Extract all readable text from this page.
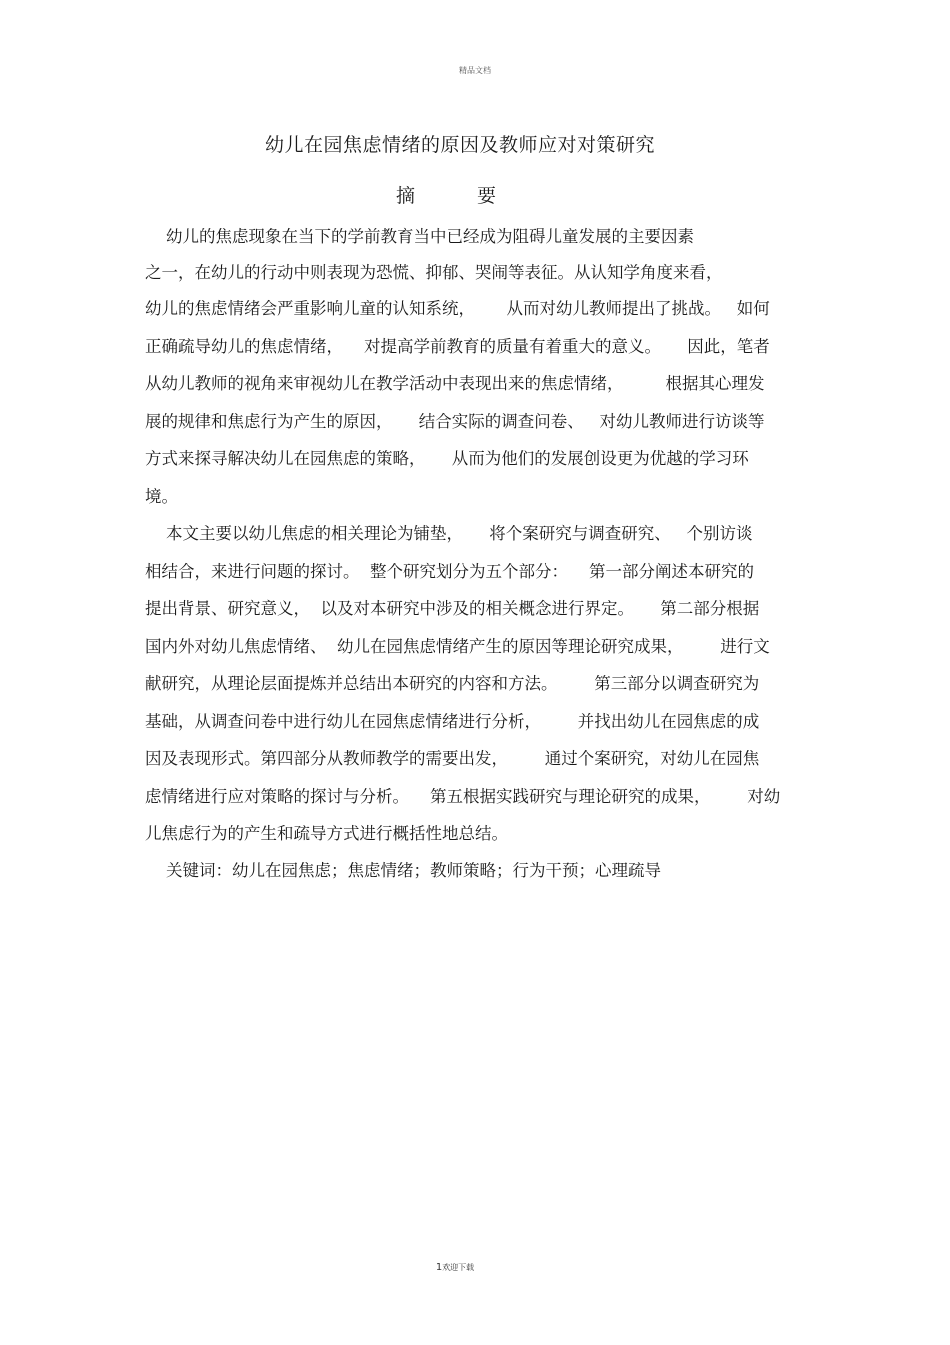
精品文档
幼儿在园焦虑情绪的原因及教师应对对策研究
摘 要
幼儿的焦虑现象在当下的学前教育当中已经成为阻碍儿童发展的主要因素
之一，在幼儿的行动中则表现为恐慌、抑郁、哭闹等表征。从认知学角度来看，
幼儿的焦虑情绪会严重影响儿童的认知系统，      从而对幼儿教师提出了挑战。   如何
正确疏导幼儿的焦虑情绪，    对提高学前教育的质量有着重大的意义。     因此，笔者
从幼儿教师的视角来审视幼儿在教学活动中表现出来的焦虑情绪，        根据其心理发
展的规律和焦虑行为产生的原因，     结合实际的调查问卷、   对幼儿教师进行访谈等
方式来探寻解决幼儿在园焦虑的策略，     从而为他们的发展创设更为优越的学习环
境。
本文主要以幼儿焦虑的相关理论为铺垫，     将个案研究与调查研究、   个别访谈
相结合，来进行问题的探讨。  整个研究划分为五个部分：    第一部分阐述本研究的
提出背景、研究意义，  以及对本研究中涉及的相关概念进行界定。     第二部分根据
国内外对幼儿焦虑情绪、  幼儿在园焦虑情绪产生的原因等理论研究成果，       进行文
献研究，从理论层面提炼并总结出本研究的内容和方法。       第三部分以调查研究为
基础，从调查问卷中进行幼儿在园焦虑情绪进行分析，       并找出幼儿在园焦虑的成
因及表现形式。第四部分从教师教学的需要出发，       通过个案研究，对幼儿在园焦
虑情绪进行应对策略的探讨与分析。    第五根据实践研究与理论研究的成果，       对幼
儿焦虑行为的产生和疏导方式进行概括性地总结。
关键词：幼儿在园焦虑；焦虑情绪；教师策略；行为干预；心理疏导
1欢迎下载
